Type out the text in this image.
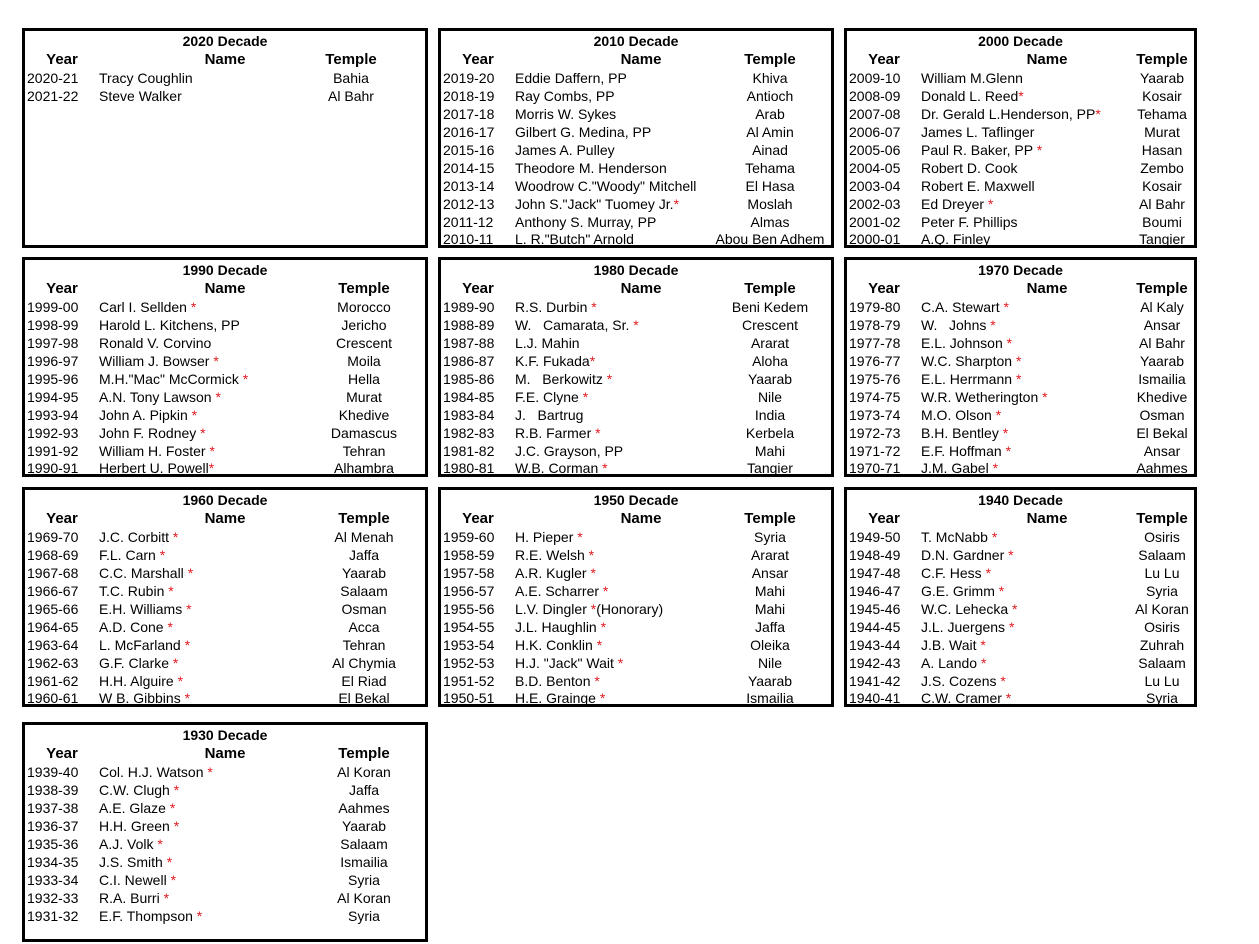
2020 Decade
Year	Name	Temple
2020-21 Tracy Coughlin	Bahia
2021-22 Steve Walker	Al Bahr
2010 Decade
Year	Name	Temple
2019-20 Eddie Daffern, PP	Khiva
2018-19 Ray Combs, PP	Antioch
2017-18 Morris W. Sykes	Arab
2016-17 Gilbert G. Medina, PP	Al Amin
2015-16 James A. Pulley	Ainad
2014-15 Theodore M. Henderson	Tehama
2013-14 Woodrow C."Woody" Mitchell	El Hasa
2012-13 John S."Jack" Tuomey Jr.*	Moslah
2011-12 Anthony S. Murray, PP	Almas
2010-11 L. R."Butch" Arnold	Abou Ben Adhem
2000 Decade
Year	Name	Temple
2009-10 William M.Glenn	Yaarab
2008-09 Donald L. Reed*	Kosair
2007-08 Dr. Gerald L.Henderson, PP*	Tehama
2006-07 James L. Taflinger	Murat
2005-06 Paul R. Baker, PP *	Hasan
2004-05 Robert D. Cook	Zembo
2003-04 Robert E. Maxwell	Kosair
2002-03 Ed Dreyer *	Al Bahr
2001-02 Peter F. Phillips	Boumi
2000-01 A.Q. Finley	Tangier
1990 Decade
Year	Name	Temple
1999-00 Carl I. Sellden *	Morocco
1998-99 Harold L. Kitchens, PP	Jericho
1997-98 Ronald V. Corvino	Crescent
1996-97 William J. Bowser *	Moila
1995-96 M.H."Mac" McCormick *	Hella
1994-95 A.N. Tony Lawson *	Murat
1993-94 John A. Pipkin *	Khedive
1992-93 John F. Rodney *	Damascus
1991-92 William H. Foster *	Tehran
1990-91 Herbert U. Powell*	Alhambra
1980 Decade
Year	Name	Temple
1989-90 R.S. Durbin *	Beni Kedem
1988-89 W.   Camarata, Sr. *	Crescent
1987-88 L.J. Mahin	Ararat
1986-87 K.F. Fukada*	Aloha
1985-86 M.   Berkowitz *	Yaarab
1984-85 F.E. Clyne *	Nile
1983-84 J.   Bartrug	India
1982-83 R.B. Farmer *	Kerbela
1981-82 J.C. Grayson, PP	Mahi
1980-81 W.B. Corman *	Tangier
1970 Decade
Year	Name	Temple
1979-80 C.A. Stewart *	Al Kaly
1978-79 W.   Johns *	Ansar
1977-78 E.L. Johnson *	Al Bahr
1976-77 W.C. Sharpton *	Yaarab
1975-76 E.L. Herrmann *	Ismailia
1974-75 W.R. Wetherington *	Khedive
1973-74 M.O. Olson *	Osman
1972-73 B.H. Bentley *	El Bekal
1971-72 E.F. Hoffman *	Ansar
1970-71 J.M. Gabel *	Aahmes
1960 Decade
Year	Name	Temple
1969-70 J.C. Corbitt *	Al Menah
1968-69 F.L. Carn *	Jaffa
1967-68 C.C. Marshall *	Yaarab
1966-67 T.C. Rubin *	Salaam
1965-66 E.H. Williams *	Osman
1964-65 A.D. Cone *	Acca
1963-64 L. McFarland *	Tehran
1962-63 G.F. Clarke *	Al Chymia
1961-62 H.H. Alguire *	El Riad
1960-61 W B. Gibbins *	El Bekal
1950 Decade
Year	Name	Temple
1959-60 H. Pieper *	Syria
1958-59 R.E. Welsh *	Ararat
1957-58 A.R. Kugler *	Ansar
1956-57 A.E. Scharrer *	Mahi
1955-56 L.V. Dingler *(Honorary)	Mahi
1954-55 J.L. Haughlin *	Jaffa
1953-54 H.K. Conklin *	Oleika
1952-53 H.J. "Jack" Wait *	Nile
1951-52 B.D. Benton *	Yaarab
1950-51 H.E. Grainge *	Ismailia
1940 Decade
Year	Name	Temple
1949-50 T. McNabb *	Osiris
1948-49 D.N. Gardner *	Salaam
1947-48 C.F. Hess *	Lu Lu
1946-47 G.E. Grimm *	Syria
1945-46 W.C. Lehecka *	Al Koran
1944-45 J.L. Juergens *	Osiris
1943-44 J.B. Wait *	Zuhrah
1942-43 A. Lando *	Salaam
1941-42 J.S. Cozens *	Lu Lu
1940-41 C.W. Cramer *	Syria
1930 Decade
Year	Name	Temple
1939-40 Col. H.J. Watson *	Al Koran
1938-39 C.W. Clugh *	Jaffa
1937-38 A.E. Glaze *	Aahmes
1936-37 H.H. Green *	Yaarab
1935-36 A.J. Volk *	Salaam
1934-35 J.S. Smith *	Ismailia
1933-34 C.I. Newell *	Syria
1932-33 R.A. Burri *	Al Koran
1931-32 E.F. Thompson *	Syria
